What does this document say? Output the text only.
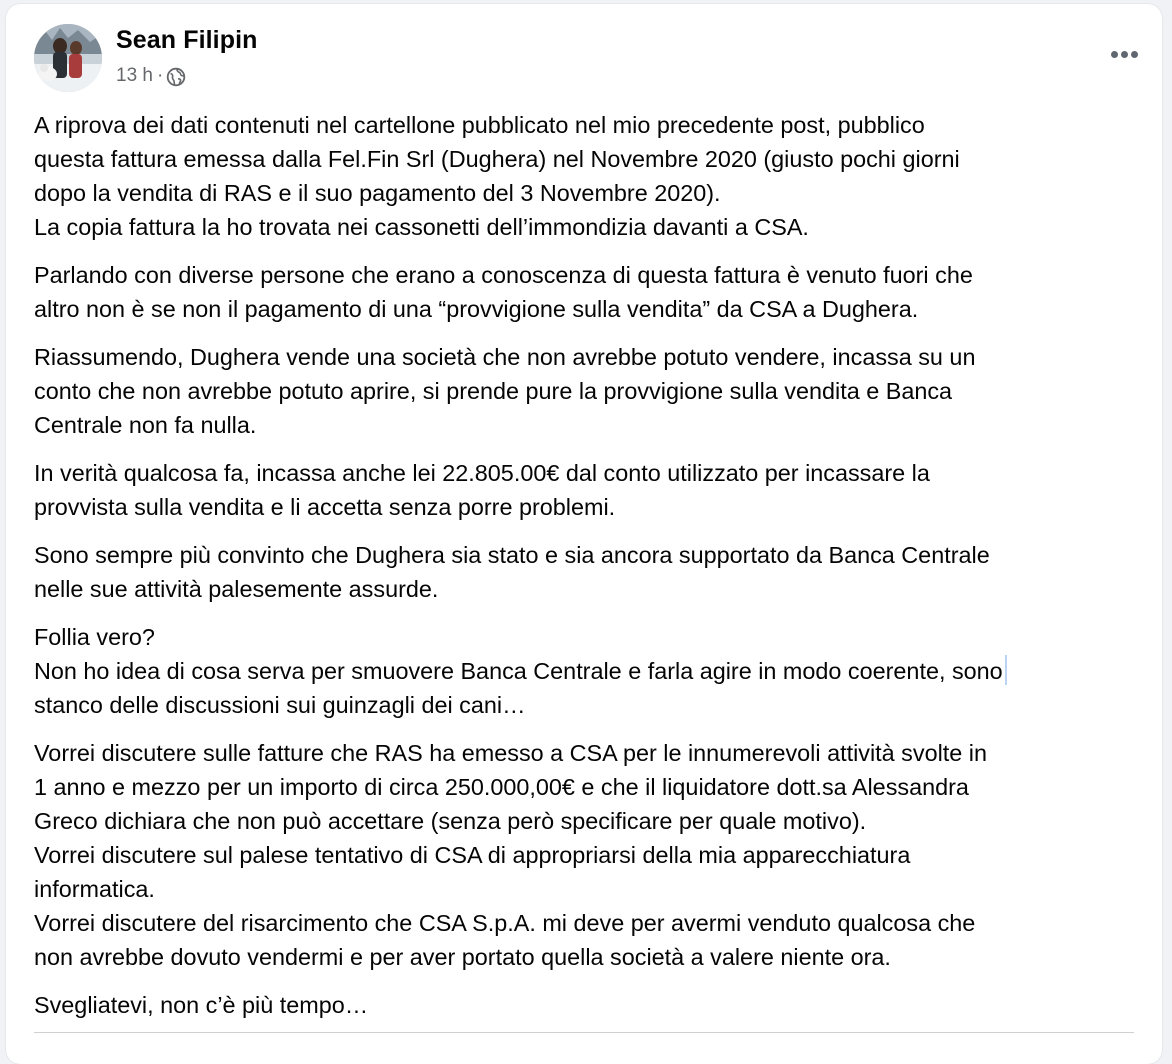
Sean Filipin
13 h ·

A riprova dei dati contenuti nel cartellone pubblicato nel mio precedente post, pubblico
questa fattura emessa dalla Fel.Fin Srl (Dughera) nel Novembre 2020 (giusto pochi giorni
dopo la vendita di RAS e il suo pagamento del 3 Novembre 2020).
La copia fattura la ho trovata nei cassonetti dell’immondizia davanti a CSA.

Parlando con diverse persone che erano a conoscenza di questa fattura è venuto fuori che
altro non è se non il pagamento di una “provvigione sulla vendita” da CSA a Dughera.

Riassumendo, Dughera vende una società che non avrebbe potuto vendere, incassa su un
conto che non avrebbe potuto aprire, si prende pure la provvigione sulla vendita e Banca
Centrale non fa nulla.

In verità qualcosa fa, incassa anche lei 22.805.00€ dal conto utilizzato per incassare la
provvista sulla vendita e li accetta senza porre problemi.

Sono sempre più convinto che Dughera sia stato e sia ancora supportato da Banca Centrale
nelle sue attività palesemente assurde.

Follia vero?
Non ho idea di cosa serva per smuovere Banca Centrale e farla agire in modo coerente, sono
stanco delle discussioni sui guinzagli dei cani…

Vorrei discutere sulle fatture che RAS ha emesso a CSA per le innumerevoli attività svolte in
1 anno e mezzo per un importo di circa 250.000,00€ e che il liquidatore dott.sa Alessandra
Greco dichiara che non può accettare (senza però specificare per quale motivo).
Vorrei discutere sul palese tentativo di CSA di appropriarsi della mia apparecchiatura
informatica.
Vorrei discutere del risarcimento che CSA S.p.A. mi deve per avermi venduto qualcosa che
non avrebbe dovuto vendermi e per aver portato quella società a valere niente ora.

Svegliatevi, non c’è più tempo…
